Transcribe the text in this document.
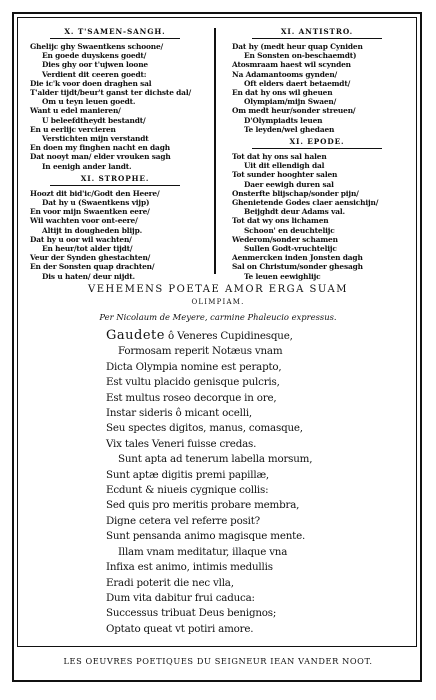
X. T'SAMEN-SANGH.
Ghelijc ghy Swaentkens schoone/
En goede duyskens goedt/
Dies ghy oor t'ujwen loone
Verdient dit ceeren goedt:
Die ic'k voor doen draghen sal
T'alder tijdt/beur't ganst ter dichste dal/
Om u teyn leuen goedt.
Want u edel manieren/
U beleefdtheydt bestandt/
En u eerlijc vercieren
Verstichten mijn verstandt
En doen my finghen nacht en dagh
Dat nooyt man/ elder vrouken sagh
In eenigh ander landt.
XI. STROPHE.
Hoozt dit bid'ic/Godt den Heere/
Dat hy u (Swaentkens vijp)
En voor mijn Swaentken eere/
Wil wachten voor ont-eere/
Altijt in dougheden blijp.
Dat hy u oor wil wachten/
En heur/tot alder tijdt/
Veur der Synden ghestachten/
En der Sonsten quap drachten/
Dis u haten/ deur nijdt.
XI. ANTISTRO.
Dat hy (medt heur quap Cyniden
En Sonsten on-beschaemdt)
Atosmraam haest wil scynden
Na Adamantooms gynden/
Oft elders daert betaemdt/
En dat hy ons wil gheuen
Olympiam/mijn Swaen/
Om medt heur/sonder streuen/
D'Olympiadts leuen
Te leyden/wel ghedaen
XI. EPODE.
Tot dat hy ons sal halen
Uit dit ellendigh dal
Tot sunder hooghter salen
Daer eewigh duren sal
Onsterfte blijschap/sonder pijn/
Ghenietende Godes claer aensichijn/
Beijghdt deur Adams val.
Tot dat wy ons lichamen
Schoon' en deuchtelijc
Wederom/sonder schamen
Sullen Godt-vruchtelijc
Aenmercken inden Jonsten dagh
Sal on Christum/sonder ghesagh
Te leuen eewighlijc
VEHEMENS POETAE AMOR ERGA SUAM
OLIMPIAM.
Per Nicolaum de Meyere, carmine Phaleucio expressus.
Gaudete ô Veneres Cupidinesque,
Formosam reperit Notæus vnam
Dicta Olympia nomine est perapto,
Est vultu placido genisque pulcris,
Est multus roseo decorque in ore,
Instar sideris ô micant ocelli,
Seu spectes digitos, manus, comasque,
Vix tales Veneri fuisse credas.
Sunt apta ad tenerum labella morsum,
Sunt aptæ digitis premi papillæ,
Ecdunt & niueis cygnique collis:
Sed quis pro meritis probare membra,
Digne cetera vel referre posit?
Sunt pensanda animo magisque mente.
Illam vnam meditatur, illaque vna
Infixa est animo, intimis medullis
Eradi poterit die nec vlla,
Dum vita dabitur frui caduca:
Successus tribuat Deus benignos;
Optato queat vt potiri amore.
LES OEUVRES POETIQUES DU SEIGNEUR IEAN VANDER NOOT.
